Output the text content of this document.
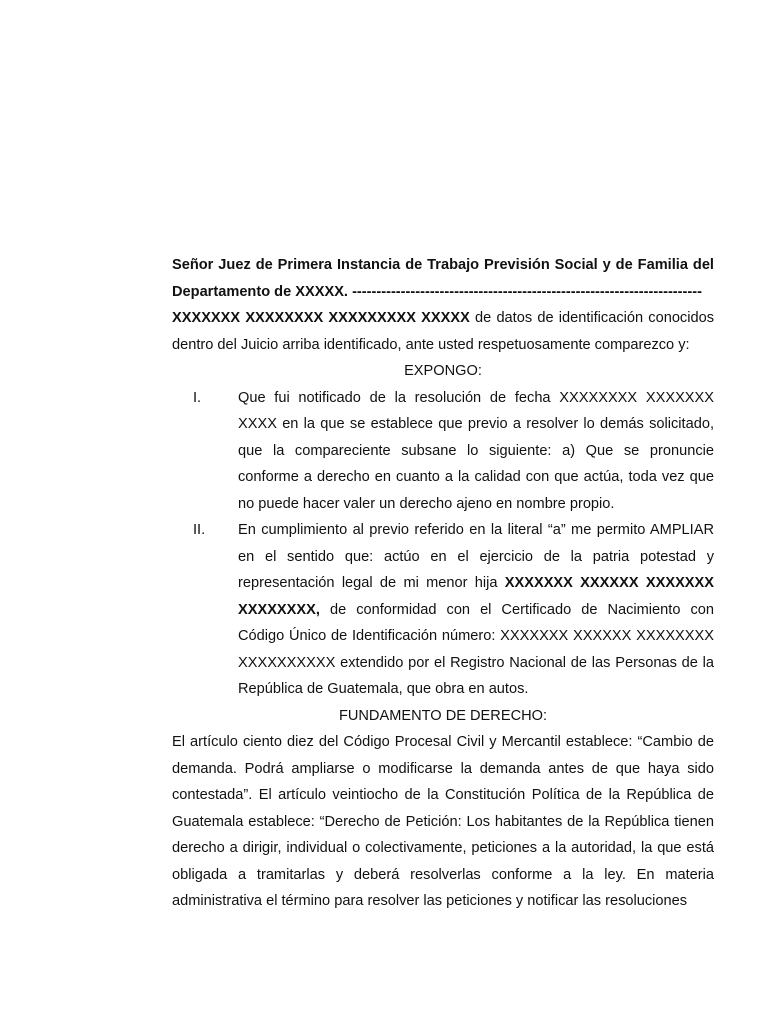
Señor Juez de Primera Instancia de Trabajo Previsión Social y de Familia del Departamento de XXXXX. ------------------------------------------------------------------------

XXXXXXX XXXXXXXX XXXXXXXXX XXXXX de datos de identificación conocidos dentro del Juicio arriba identificado, ante usted respetuosamente comparezco y:

EXPONGO:

I.	Que fui notificado de la resolución de fecha XXXXXXXX XXXXXXX XXXX en la que se establece que previo a resolver lo demás solicitado, que la compareciente subsane lo siguiente: a) Que se pronuncie conforme a derecho en cuanto a la calidad con que actúa, toda vez que no puede hacer valer un derecho ajeno en nombre propio.
II.	En cumplimiento al previo referido en la literal “a” me permito AMPLIAR en el sentido que: actúo en el ejercicio de la patria potestad y representación legal de mi menor hija XXXXXXX XXXXXX XXXXXXX XXXXXXXX, de conformidad con el Certificado de Nacimiento con Código Único de Identificación número: XXXXXXX XXXXXX XXXXXXXX XXXXXXXXXX extendido por el Registro Nacional de las Personas de la República de Guatemala, que obra en autos.

FUNDAMENTO DE DERECHO:

El artículo ciento diez del Código Procesal Civil y Mercantil establece: “Cambio de demanda. Podrá ampliarse o modificarse la demanda antes de que haya sido contestada”. El artículo veintiocho de la Constitución Política de la República de Guatemala establece: “Derecho de Petición: Los habitantes de la República tienen derecho a dirigir, individual o colectivamente, peticiones a la autoridad, la que está obligada a tramitarlas y deberá resolverlas conforme a la ley. En materia administrativa el término para resolver las peticiones y notificar las resoluciones
